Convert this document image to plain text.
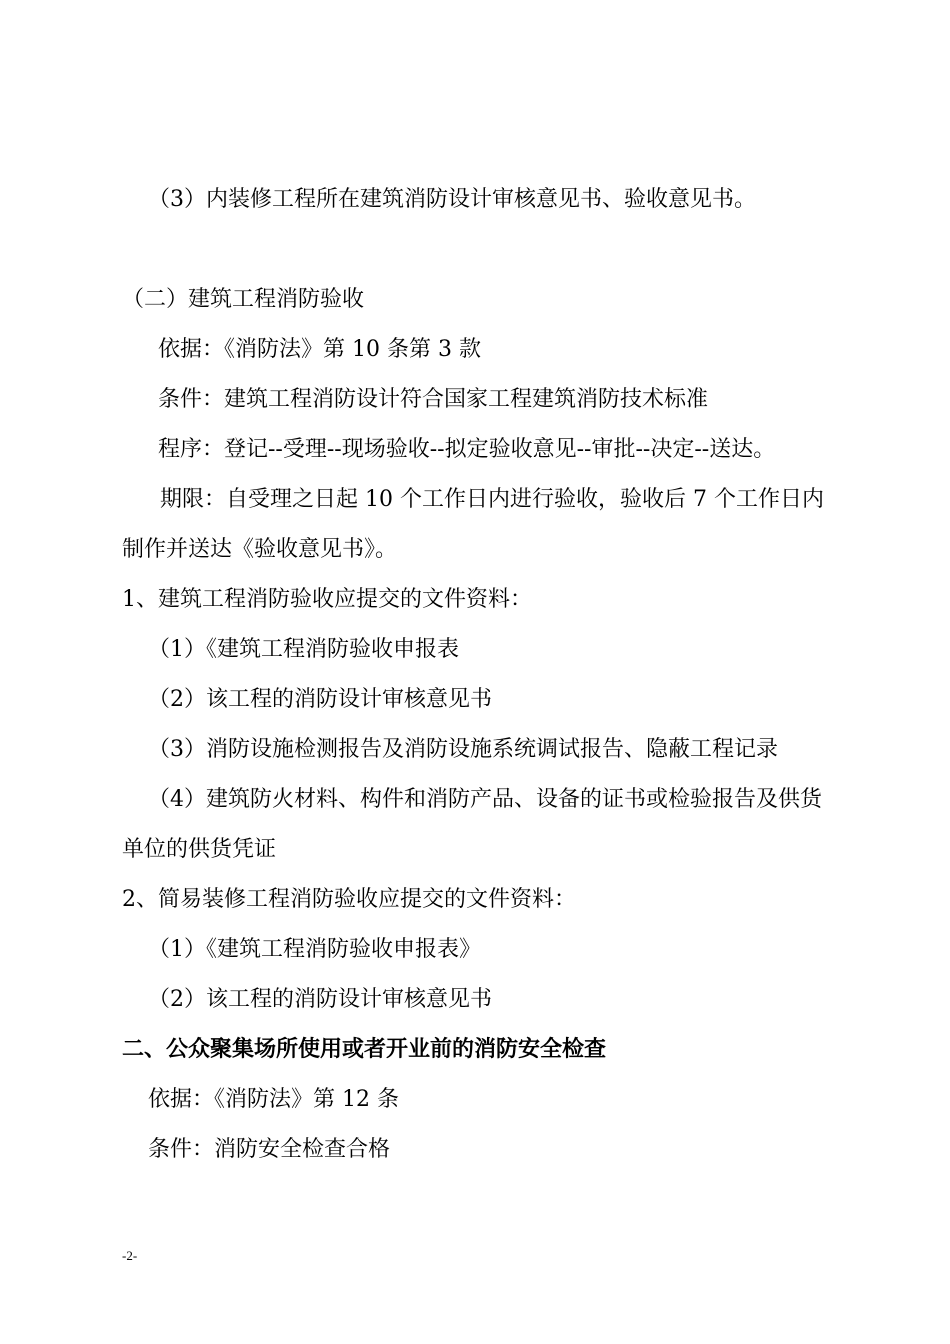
（3）内装修工程所在建筑消防设计审核意见书、验收意见书。
（二）建筑工程消防验收
依据：《消防法》第 10 条第 3 款
条件：建筑工程消防设计符合国家工程建筑消防技术标准
程序：登记--受理--现场验收--拟定验收意见--审批--决定--送达。
期限：自受理之日起 10 个工作日内进行验收，验收后 7 个工作日内
制作并送达《验收意见书》。
1、建筑工程消防验收应提交的文件资料：
（1）《建筑工程消防验收申报表
（2）该工程的消防设计审核意见书
（3）消防设施检测报告及消防设施系统调试报告、隐蔽工程记录
（4）建筑防火材料、构件和消防产品、设备的证书或检验报告及供货
单位的供货凭证
2、简易装修工程消防验收应提交的文件资料：
（1）《建筑工程消防验收申报表》
（2）该工程的消防设计审核意见书
二、公众聚集场所使用或者开业前的消防安全检查
依据：《消防法》第 12 条
条件：消防安全检查合格
-2-
